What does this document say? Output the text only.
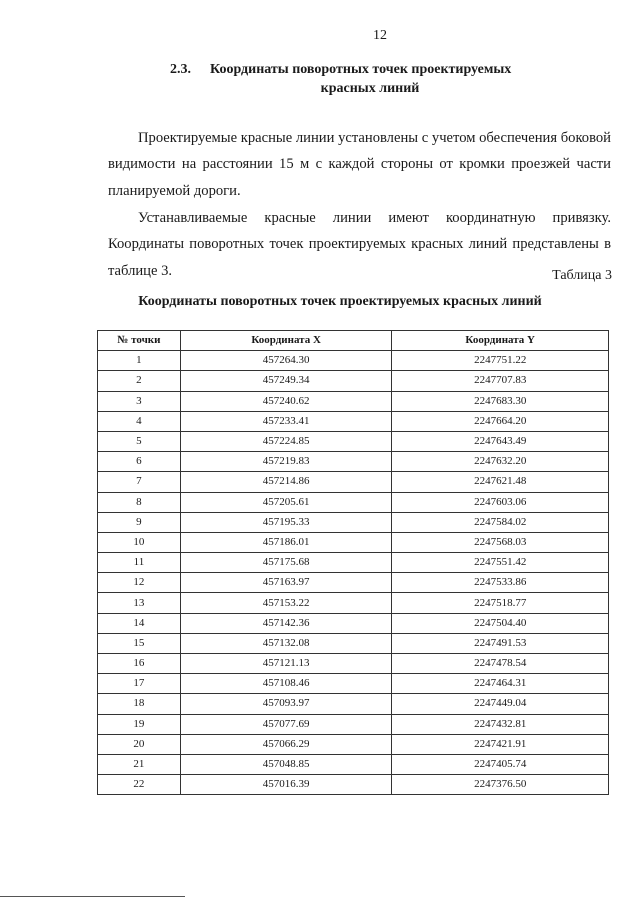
12
2.3. Координаты поворотных точек проектируемых
красных линий

Проектируемые красные линии установлены с учетом обеспечения боковой видимости на расстоянии 15 м с каждой стороны от кромки проезжей части планируемой дороги.

Устанавливаемые красные линии имеют координатную привязку. Координаты поворотных точек проектируемых красных линий представлены в таблице 3.	Таблица 3
Координаты поворотных точек проектируемых красных линий
№ точки	Координата X	Координата Y
1	457264.30	2247751.22
2	457249.34	2247707.83
3	457240.62	2247683.30
4	457233.41	2247664.20
5	457224.85	2247643.49
6	457219.83	2247632.20
7	457214.86	2247621.48
8	457205.61	2247603.06
9	457195.33	2247584.02
10	457186.01	2247568.03
11	457175.68	2247551.42
12	457163.97	2247533.86
13	457153.22	2247518.77
14	457142.36	2247504.40
15	457132.08	2247491.53
16	457121.13	2247478.54
17	457108.46	2247464.31
18	457093.97	2247449.04
19	457077.69	2247432.81
20	457066.29	2247421.91
21	457048.85	2247405.74
22	457016.39	2247376.50
